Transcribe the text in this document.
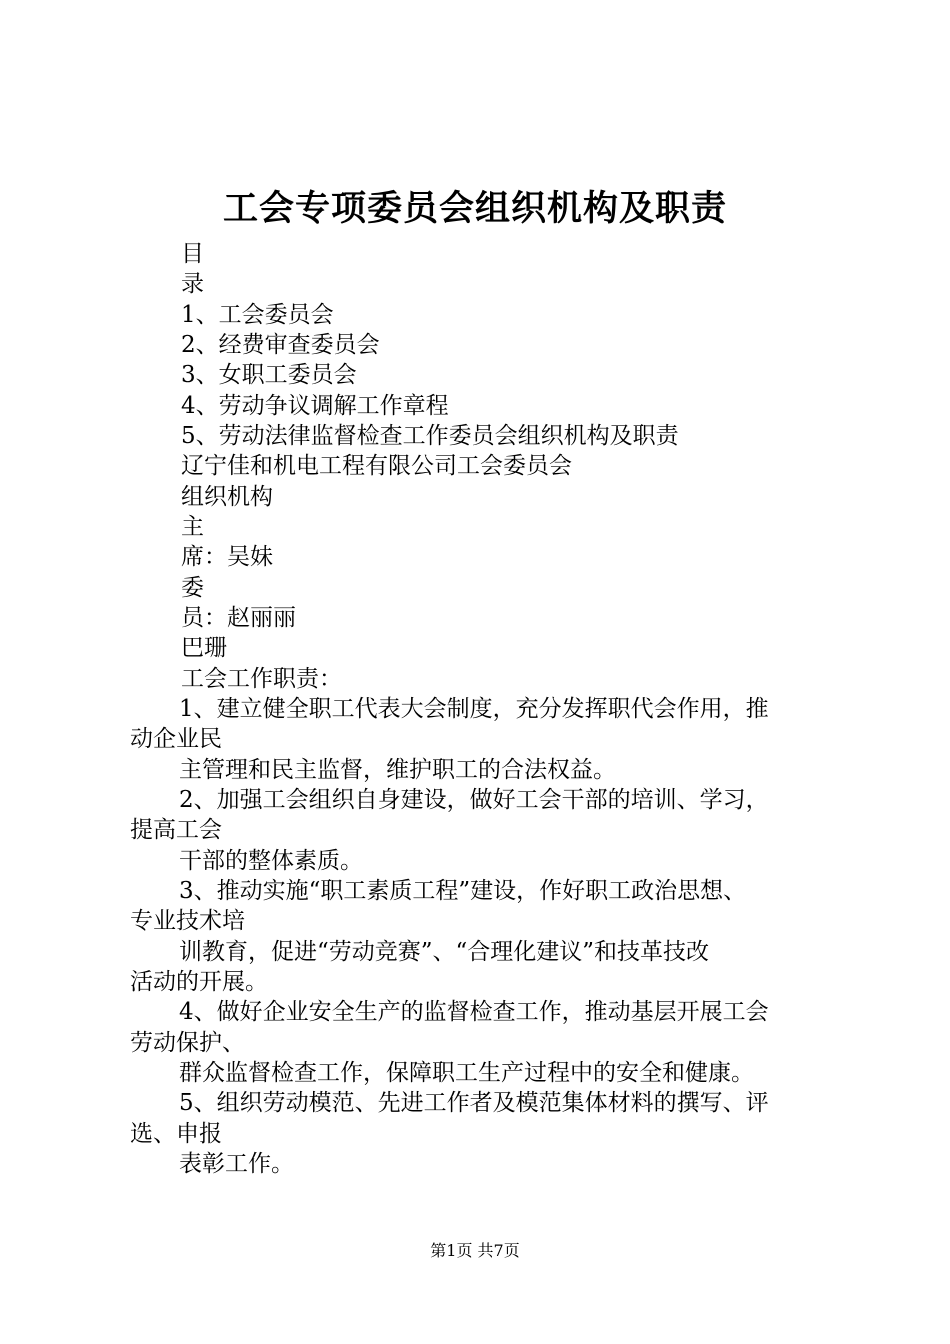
工会专项委员会组织机构及职责
目
录
1、工会委员会
2、经费审查委员会
3、女职工委员会
4、劳动争议调解工作章程
5、劳动法律监督检查工作委员会组织机构及职责
辽宁佳和机电工程有限公司工会委员会
组织机构
主
席：吴妹
委
员：赵丽丽
巴珊
工会工作职责：
1、建立健全职工代表大会制度，充分发挥职代会作用，推
动企业民
主管理和民主监督，维护职工的合法权益。
2、加强工会组织自身建设，做好工会干部的培训、学习，
提高工会
干部的整体素质。
3、推动实施“职工素质工程”建设，作好职工政治思想、
专业技术培
训教育，促进“劳动竞赛”、“合理化建议”和技革技改
活动的开展。
4、做好企业安全生产的监督检查工作，推动基层开展工会
劳动保护、
群众监督检查工作，保障职工生产过程中的安全和健康。
5、组织劳动模范、先进工作者及模范集体材料的撰写、评
选、申报
表彰工作。
第1页 共7页
